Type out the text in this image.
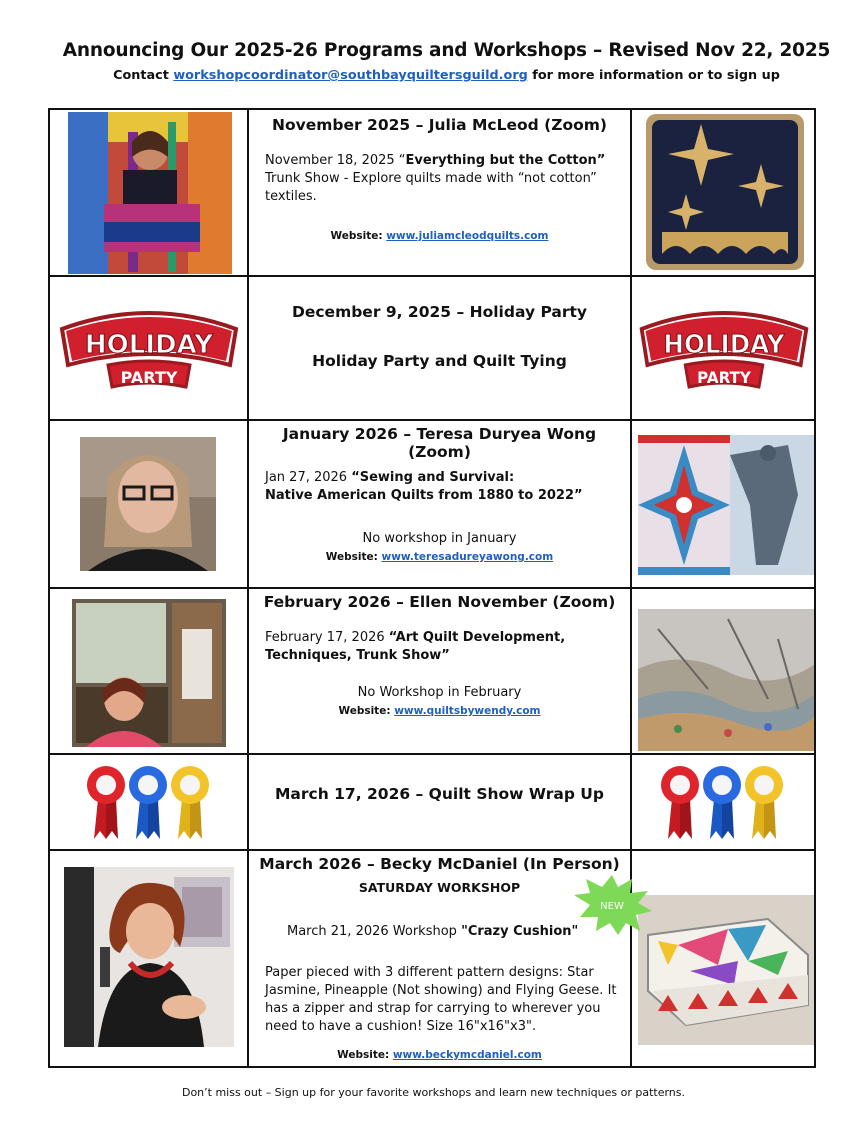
Announcing Our 2025-26 Programs and Workshops – Revised Nov 22, 2025
Contact workshopcoordinator@southbayquiltersguild.org for more information or to sign up
November 2025 – Julia McLeod (Zoom)
November 18, 2025 “Everything but the Cotton” Trunk Show - Explore quilts made with “not cotton” textiles.
Website: www.juliamcleodquilts.com
HOLIDAY
PARTY
December 9, 2025 – Holiday Party
Holiday Party and Quilt Tying
HOLIDAY
PARTY
January 2026 – Teresa Duryea Wong (Zoom)
Jan 27, 2026 “Sewing and Survival:
Native American Quilts from 1880 to 2022”
No workshop in January
Website: www.teresadureyawong.com
February 2026 – Ellen November (Zoom)
February 17, 2026 “Art Quilt Development,
Techniques, Trunk Show”
No Workshop in February
Website: www.quiltsbywendy.com
March 17, 2026 – Quilt Show Wrap Up
March 2026 – Becky McDaniel (In Person)
SATURDAY WORKSHOP
March 21, 2026 Workshop "Crazy Cushion"
Paper pieced with 3 different pattern designs: Star Jasmine, Pineapple (Not showing) and Flying Geese. It has a zipper and strap for carrying to wherever you need to have a cushion! Size 16"x16"x3".
Website: www.beckymcdaniel.com
NEW
Don’t miss out – Sign up for your favorite workshops and learn new techniques or patterns.
